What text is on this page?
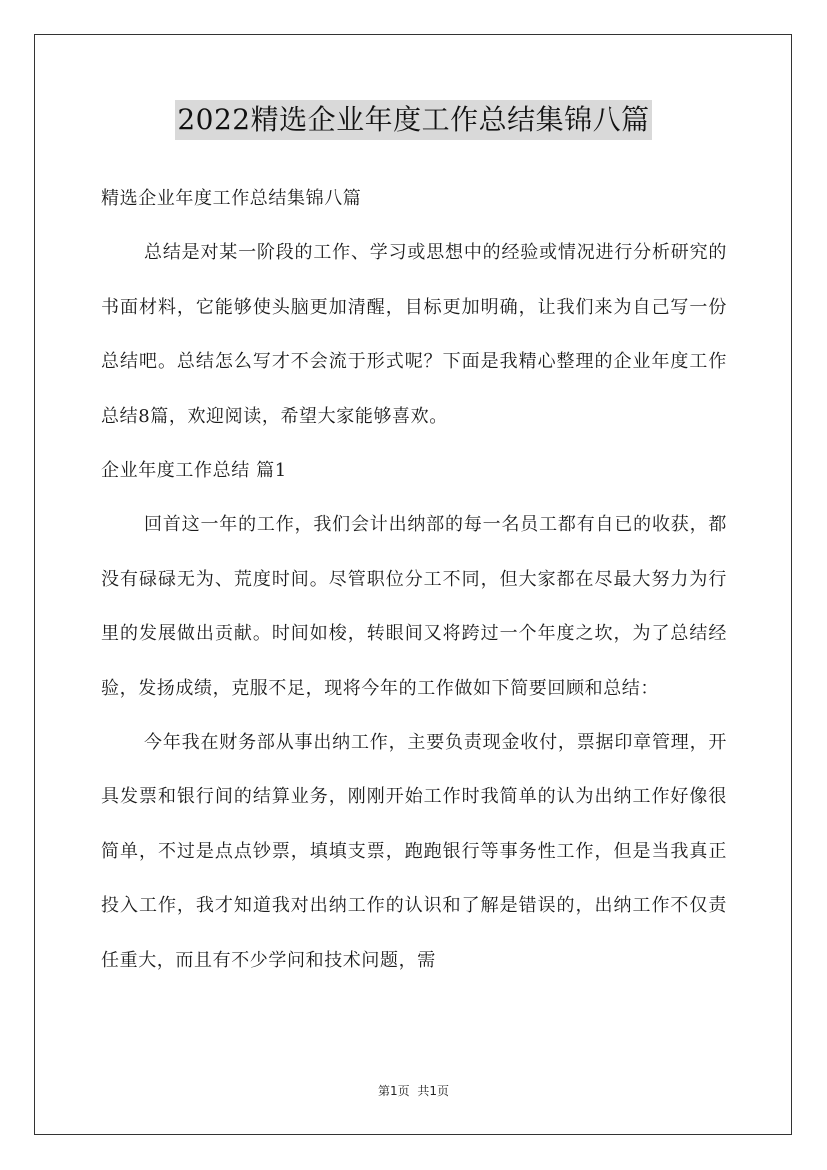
2022精选企业年度工作总结集锦八篇

精选企业年度工作总结集锦八篇

总结是对某一阶段的工作、学习或思想中的经验或情况进行分析研究的书面材料，它能够使头脑更加清醒，目标更加明确，让我们来为自己写一份总结吧。总结怎么写才不会流于形式呢？下面是我精心整理的企业年度工作总结8篇，欢迎阅读，希望大家能够喜欢。

企业年度工作总结 篇1

回首这一年的工作，我们会计出纳部的每一名员工都有自已的收获，都没有碌碌无为、荒度时间。尽管职位分工不同，但大家都在尽最大努力为行里的发展做出贡献。时间如梭，转眼间又将跨过一个年度之坎，为了总结经验，发扬成绩，克服不足，现将今年的工作做如下简要回顾和总结：

今年我在财务部从事出纳工作，主要负责现金收付，票据印章管理，开具发票和银行间的结算业务，刚刚开始工作时我简单的认为出纳工作好像很简单，不过是点点钞票，填填支票，跑跑银行等事务性工作，但是当我真正投入工作，我才知道我对出纳工作的认识和了解是错误的，出纳工作不仅责任重大，而且有不少学问和技术问题，需

第1页 共1页
